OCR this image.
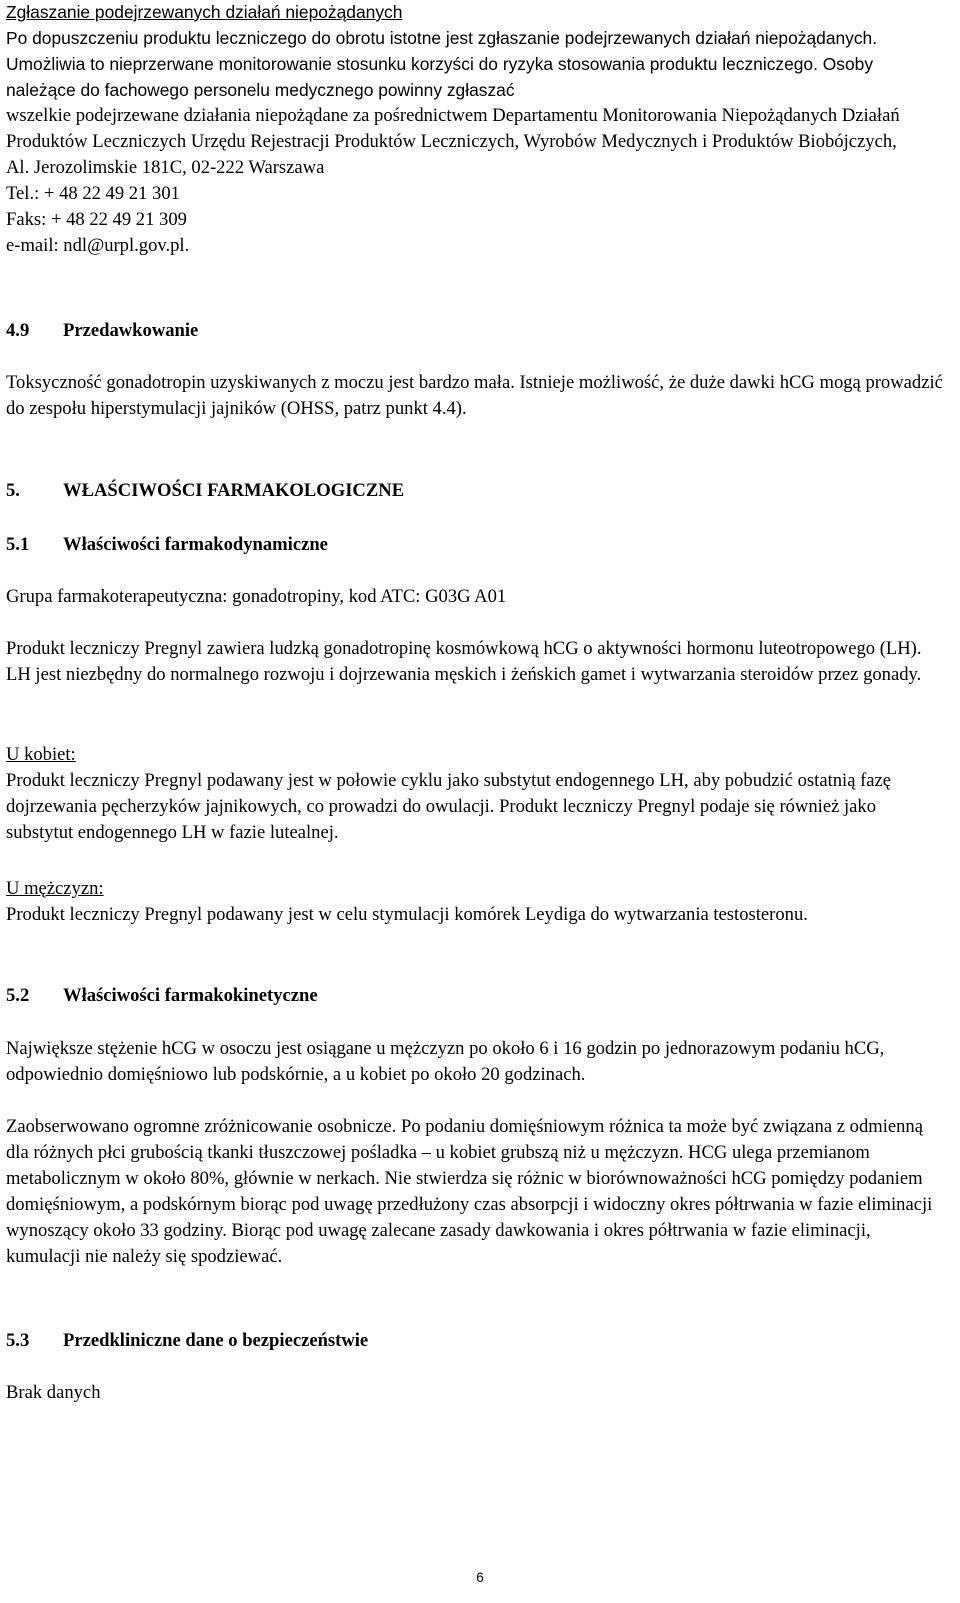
Zgłaszanie podejrzewanych działań niepożądanych

Po dopuszczeniu produktu leczniczego do obrotu istotne jest zgłaszanie podejrzewanych działań niepożądanych. Umożliwia to nieprzerwane monitorowanie stosunku korzyści do ryzyka stosowania produktu leczniczego. Osoby należące do fachowego personelu medycznego powinny zgłaszać

wszelkie podejrzewane działania niepożądane za pośrednictwem Departamentu Monitorowania Niepożądanych Działań Produktów Leczniczych Urzędu Rejestracji Produktów Leczniczych, Wyrobów Medycznych i Produktów Biobójczych,

Al. Jerozolimskie 181C, 02-222 Warszawa

Tel.: + 48 22 49 21 301

Faks: + 48 22 49 21 309

e-mail: ndl@urpl.gov.pl.

4.9	Przedawkowanie

Toksyczność gonadotropin uzyskiwanych z moczu jest bardzo mała. Istnieje możliwość, że duże dawki hCG mogą prowadzić do zespołu hiperstymulacji jajników (OHSS, patrz punkt 4.4).

5.	WŁAŚCIWOŚCI FARMAKOLOGICZNE
5.1	Właściwości farmakodynamiczne

Grupa farmakoterapeutyczna: gonadotropiny, kod ATC: G03G A01

Produkt leczniczy Pregnyl zawiera ludzką gonadotropinę kosmówkową hCG o aktywności hormonu luteotropowego (LH). LH jest niezbędny do normalnego rozwoju i dojrzewania męskich i żeńskich gamet i wytwarzania steroidów przez gonady.

U kobiet:

Produkt leczniczy Pregnyl podawany jest w połowie cyklu jako substytut endogennego LH, aby pobudzić ostatnią fazę dojrzewania pęcherzyków jajnikowych, co prowadzi do owulacji. Produkt leczniczy Pregnyl podaje się również jako substytut endogennego LH w fazie lutealnej.

U mężczyzn:

Produkt leczniczy Pregnyl podawany jest w celu stymulacji komórek Leydiga do wytwarzania testosteronu.

5.2	Właściwości farmakokinetyczne

Największe stężenie hCG w osoczu jest osiągane u mężczyzn po około 6 i 16 godzin po jednorazowym podaniu hCG, odpowiednio domięśniowo lub podskórnie, a u kobiet po około 20 godzinach.

Zaobserwowano ogromne zróżnicowanie osobnicze. Po podaniu domięśniowym różnica ta może być związana z odmienną dla różnych płci grubością tkanki tłuszczowej pośladka – u kobiet grubszą niż u mężczyzn. HCG ulega przemianom metabolicznym w około 80%, głównie w nerkach. Nie stwierdza się różnic w biorównoważności hCG pomiędzy podaniem domięśniowym, a podskórnym biorąc pod uwagę przedłużony czas absorpcji i widoczny okres półtrwania w fazie eliminacji wynoszący około 33 godziny. Biorąc pod uwagę zalecane zasady dawkowania i okres półtrwania w fazie eliminacji, kumulacji nie należy się spodziewać.

5.3	Przedkliniczne dane o bezpieczeństwie

Brak danych

6
